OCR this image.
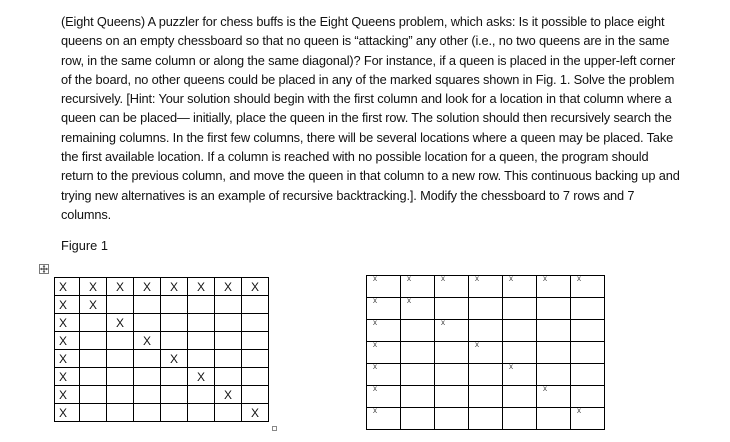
(Eight Queens) A puzzler for chess buffs is the Eight Queens problem, which asks: Is it possible to place eight queens on an empty chessboard so that no queen is “attacking” any other (i.e., no two queens are in the same row, in the same column or along the same diagonal)? For instance, if a queen is placed in the upper-left corner of the board, no other queens could be placed in any of the marked squares shown in Fig. 1. Solve the problem recursively. [Hint: Your solution should begin with the first column and look for a location in that column where a queen can be placed— initially, place the queen in the first row. The solution should then recursively search the remaining columns. In the first few columns, there will be several locations where a queen may be placed. Take the first available location. If a column is reached with no possible location for a queen, the program should return to the previous column, and move the queen in that column to a new row. This continuous backing up and trying new alternatives is an example of recursive backtracking.]. Modify the chessboard to 7 rows and 7 columns.

Figure 1

X	X	X	X	X	X	X	X
X	X						
X		X					
X			X				
X				X			
X					X		
X						X	
X							X
X	X	X	X	X	X	X
X	X					
X		X				
X			X			
X				X		
X					X	
X						X
